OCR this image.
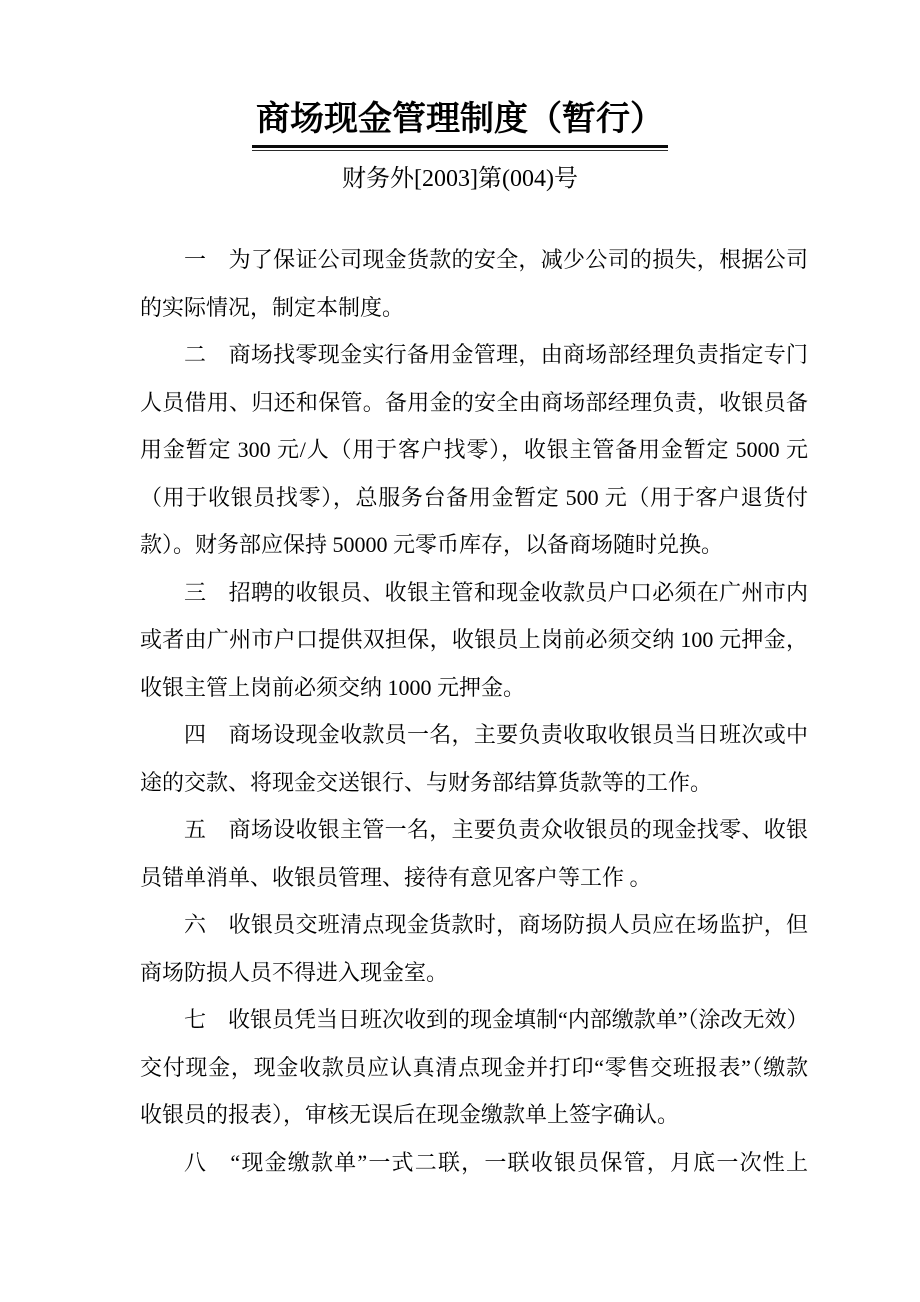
商场现金管理制度（暂行）
财务外[2003]第(004)号
一　为了保证公司现金货款的安全，减少公司的损失，根据公司
的实际情况，制定本制度。
二　商场找零现金实行备用金管理，由商场部经理负责指定专门
人员借用、归还和保管。备用金的安全由商场部经理负责，收银员备
用金暂定 300 元/人（用于客户找零），收银主管备用金暂定 5000 元
（用于收银员找零），总服务台备用金暂定 500 元（用于客户退货付
款）。财务部应保持 50000 元零币库存，以备商场随时兑换。
三　招聘的收银员、收银主管和现金收款员户口必须在广州市内
或者由广州市户口提供双担保，收银员上岗前必须交纳 100 元押金，
收银主管上岗前必须交纳 1000 元押金。
四　商场设现金收款员一名，主要负责收取收银员当日班次或中
途的交款、将现金交送银行、与财务部结算货款等的工作。
五　商场设收银主管一名，主要负责众收银员的现金找零、收银
员错单消单、收银员管理、接待有意见客户等工作 。
六　收银员交班清点现金货款时，商场防损人员应在场监护，但
商场防损人员不得进入现金室。
七　收银员凭当日班次收到的现金填制“内部缴款单”（涂改无效）
交付现金，现金收款员应认真清点现金并打印“零售交班报表”（缴款
收银员的报表），审核无误后在现金缴款单上签字确认。
八　“现金缴款单”一式二联，一联收银员保管，月底一次性上
